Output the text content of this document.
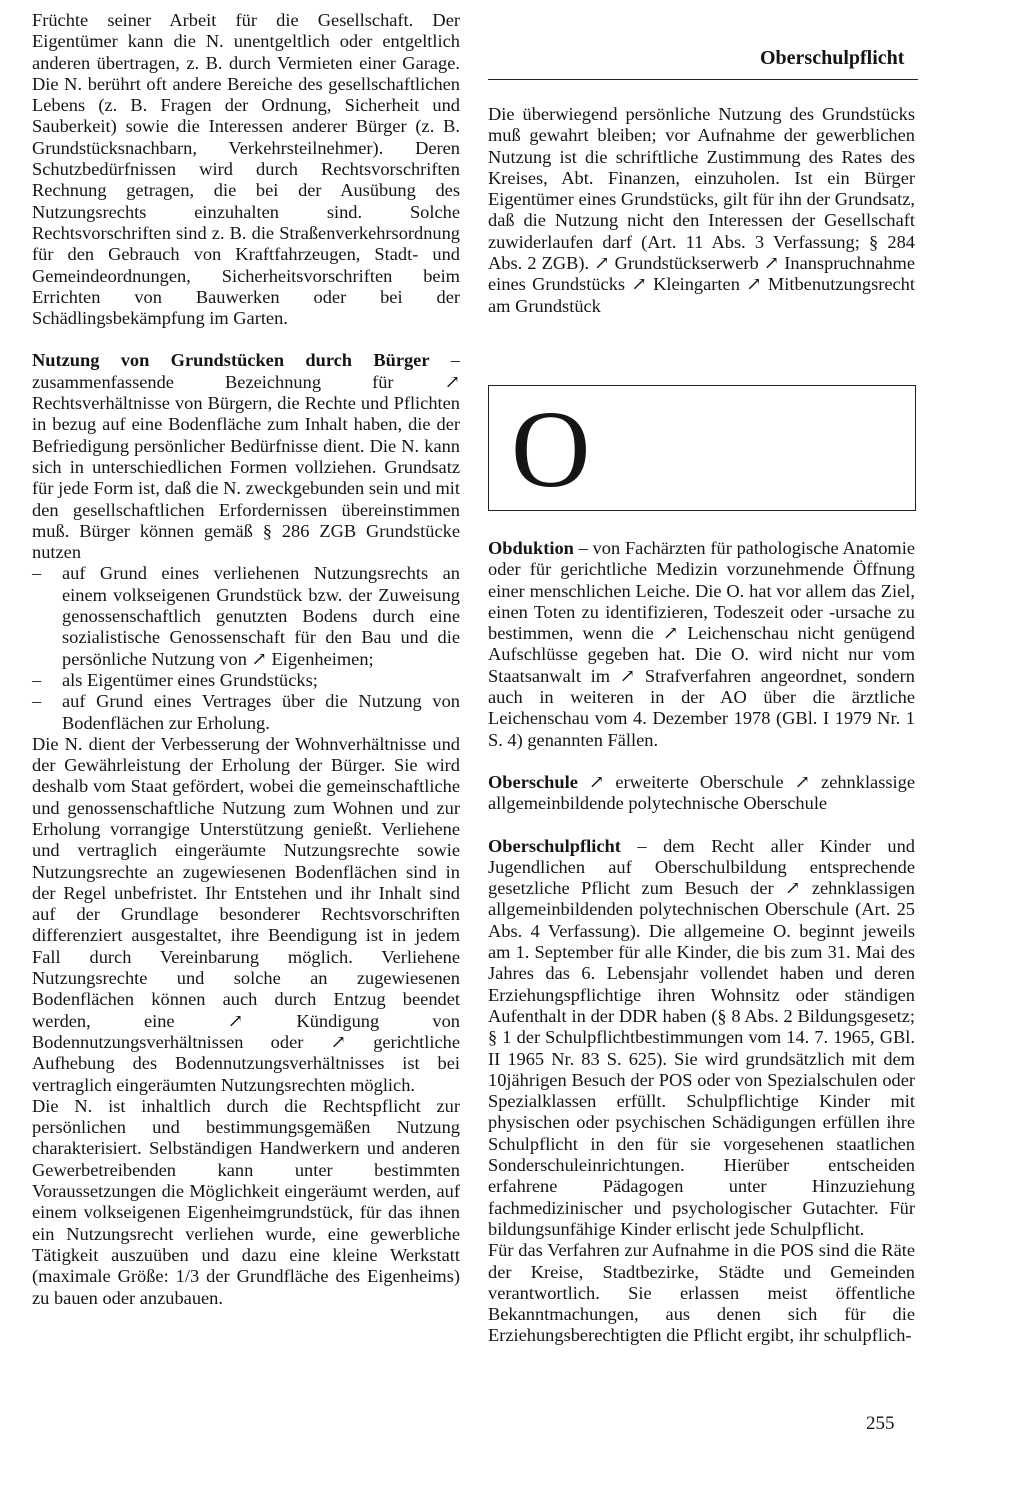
Früchte seiner Arbeit für die Gesellschaft. Der Eigentümer kann die N. unentgeltlich oder entgeltlich anderen übertragen, z. B. durch Vermieten einer Garage. Die N. berührt oft andere Bereiche des gesellschaftlichen Lebens (z. B. Fragen der Ordnung, Sicherheit und Sauberkeit) sowie die Interessen anderer Bürger (z. B. Grundstücksnachbarn, Verkehrsteilnehmer). Deren Schutzbedürfnissen wird durch Rechtsvorschriften Rechnung getragen, die bei der Ausübung des Nutzungsrechts einzuhalten sind. Solche Rechtsvorschriften sind z. B. die Straßenverkehrsordnung für den Gebrauch von Kraftfahrzeugen, Stadt- und Gemeindeordnungen, Sicherheitsvorschriften beim Errichten von Bauwerken oder bei der Schädlingsbekämpfung im Garten.

Nutzung von Grundstücken durch Bürger – zusammenfassende Bezeichnung für ↗ Rechtsverhältnisse von Bürgern, die Rechte und Pflichten in bezug auf eine Bodenfläche zum Inhalt haben, die der Befriedigung persönlicher Bedürfnisse dient. Die N. kann sich in unterschiedlichen Formen vollziehen. Grundsatz für jede Form ist, daß die N. zweckgebunden sein und mit den gesellschaftlichen Erfordernissen übereinstimmen muß. Bürger können gemäß § 286 ZGB Grundstücke nutzen

– auf Grund eines verliehenen Nutzungsrechts an einem volkseigenen Grundstück bzw. der Zuweisung genossenschaftlich genutzten Bodens durch eine sozialistische Genossenschaft für den Bau und die persönliche Nutzung von ↗ Eigenheimen;
– als Eigentümer eines Grundstücks;
– auf Grund eines Vertrages über die Nutzung von Bodenflächen zur Erholung.

Die N. dient der Verbesserung der Wohnverhältnisse und der Gewährleistung der Erholung der Bürger. Sie wird deshalb vom Staat gefördert, wobei die gemeinschaftliche und genossenschaftliche Nutzung zum Wohnen und zur Erholung vorrangige Unterstützung genießt. Verliehene und vertraglich eingeräumte Nutzungsrechte sowie Nutzungsrechte an zugewiesenen Bodenflächen sind in der Regel unbefristet. Ihr Entstehen und ihr Inhalt sind auf der Grundlage besonderer Rechtsvorschriften differenziert ausgestaltet, ihre Beendigung ist in jedem Fall durch Vereinbarung möglich. Verliehene Nutzungsrechte und solche an zugewiesenen Bodenflächen können auch durch Entzug beendet werden, eine ↗ Kündigung von Bodennutzungsverhältnissen oder ↗ gerichtliche Aufhebung des Bodennutzungsverhältnisses ist bei vertraglich eingeräumten Nutzungsrechten möglich.

Die N. ist inhaltlich durch die Rechtspflicht zur persönlichen und bestimmungsgemäßen Nutzung charakterisiert. Selbständigen Handwerkern und anderen Gewerbetreibenden kann unter bestimmten Voraussetzungen die Möglichkeit eingeräumt werden, auf einem volkseigenen Eigenheimgrundstück, für das ihnen ein Nutzungsrecht verliehen wurde, eine gewerbliche Tätigkeit auszuüben und dazu eine kleine Werkstatt (maximale Größe: 1/3 der Grundfläche des Eigenheims) zu bauen oder anzubauen.

Oberschulpflicht

Die überwiegend persönliche Nutzung des Grundstücks muß gewahrt bleiben; vor Aufnahme der gewerblichen Nutzung ist die schriftliche Zustimmung des Rates des Kreises, Abt. Finanzen, einzuholen. Ist ein Bürger Eigentümer eines Grundstücks, gilt für ihn der Grundsatz, daß die Nutzung nicht den Interessen der Gesellschaft zuwiderlaufen darf (Art. 11 Abs. 3 Verfassung; § 284 Abs. 2 ZGB). ↗ Grundstückserwerb ↗ Inanspruchnahme eines Grundstücks ↗ Kleingarten ↗ Mitbenutzungsrecht am Grundstück

O

Obduktion – von Fachärzten für pathologische Anatomie oder für gerichtliche Medizin vorzunehmende Öffnung einer menschlichen Leiche. Die O. hat vor allem das Ziel, einen Toten zu identifizieren, Todeszeit oder -ursache zu bestimmen, wenn die ↗ Leichenschau nicht genügend Aufschlüsse gegeben hat. Die O. wird nicht nur vom Staatsanwalt im ↗ Strafverfahren angeordnet, sondern auch in weiteren in der AO über die ärztliche Leichenschau vom 4. Dezember 1978 (GBl. I 1979 Nr. 1 S. 4) genannten Fällen.

Oberschule ↗ erweiterte Oberschule ↗ zehnklassige allgemeinbildende polytechnische Oberschule

Oberschulpflicht – dem Recht aller Kinder und Jugendlichen auf Oberschulbildung entsprechende gesetzliche Pflicht zum Besuch der ↗ zehnklassigen allgemeinbildenden polytechnischen Oberschule (Art. 25 Abs. 4 Verfassung). Die allgemeine O. beginnt jeweils am 1. September für alle Kinder, die bis zum 31. Mai des Jahres das 6. Lebensjahr vollendet haben und deren Erziehungspflichtige ihren Wohnsitz oder ständigen Aufenthalt in der DDR haben (§ 8 Abs. 2 Bildungsgesetz; § 1 der Schulpflichtbestimmungen vom 14. 7. 1965, GBl. II 1965 Nr. 83 S. 625). Sie wird grundsätzlich mit dem 10jährigen Besuch der POS oder von Spezialschulen oder Spezialklassen erfüllt. Schulpflichtige Kinder mit physischen oder psychischen Schädigungen erfüllen ihre Schulpflicht in den für sie vorgesehenen staatlichen Sonderschuleinrichtungen. Hierüber entscheiden erfahrene Pädagogen unter Hinzuziehung fachmedizinischer und psychologischer Gutachter. Für bildungsunfähige Kinder erlischt jede Schulpflicht.

Für das Verfahren zur Aufnahme in die POS sind die Räte der Kreise, Stadtbezirke, Städte und Gemeinden verantwortlich. Sie erlassen meist öffentliche Bekanntmachungen, aus denen sich für die Erziehungsberechtigten die Pflicht ergibt, ihr schulpflich-

255
